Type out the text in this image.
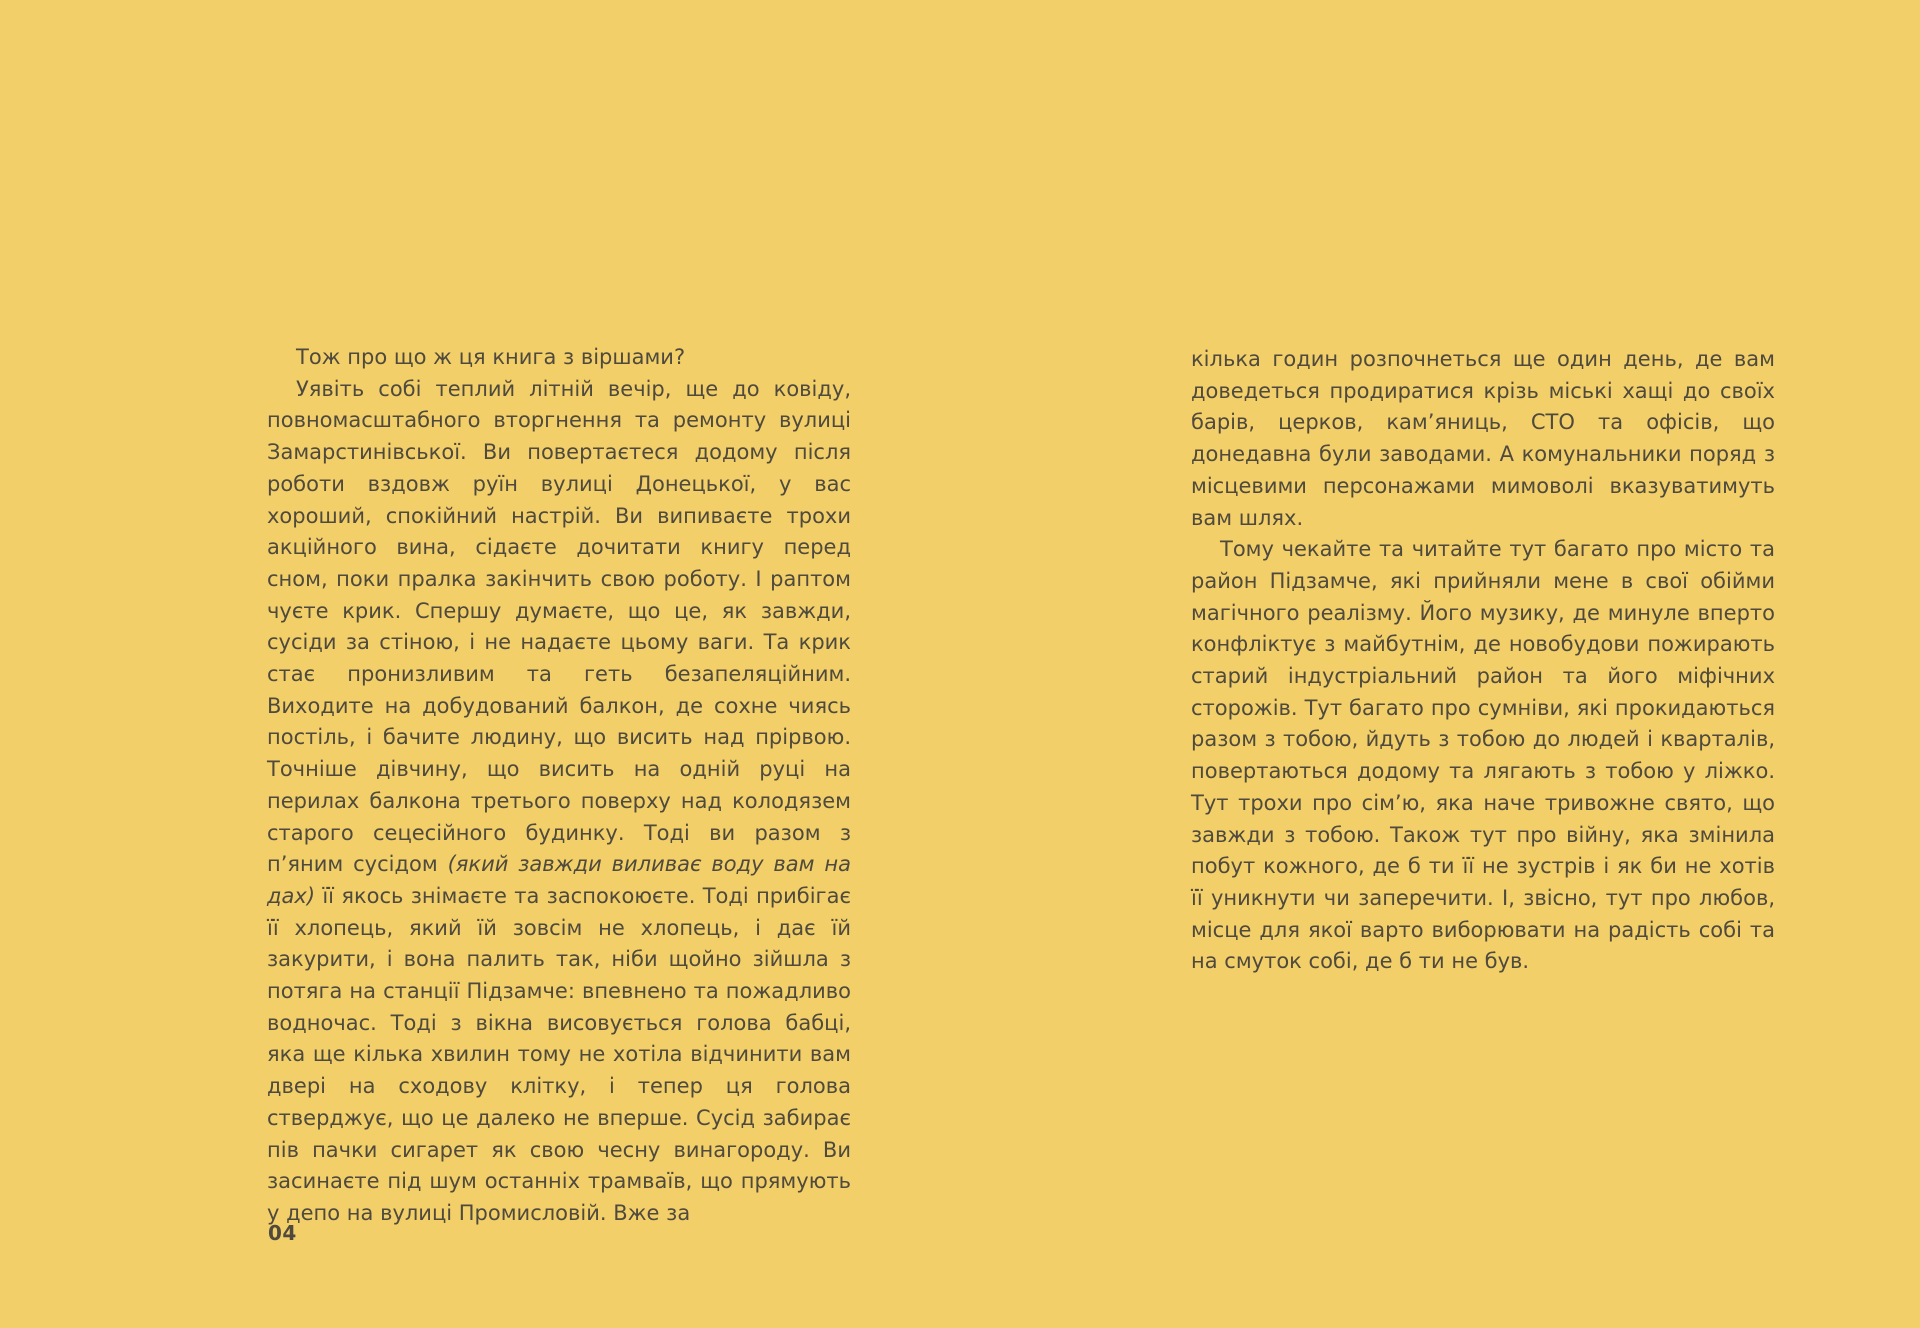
Тож про що ж ця книга з віршами?

Уявіть собі теплий літній вечір, ще до ковіду, повномасштабного вторгнення та ремонту вулиці Замарстинівської. Ви повертаєтеся додому після роботи вздовж руїн вулиці Донецької, у вас хороший, спокійний настрій. Ви випиваєте трохи акційного вина, сідаєте дочитати книгу перед сном, поки пралка закінчить свою роботу. І раптом чуєте крик. Спершу думаєте, що це, як завжди, сусіди за стіною, і не надаєте цьому ваги. Та крик стає пронизливим та геть безапеляційним. Виходите на добудований балкон, де сохне чиясь постіль, і бачите людину, що висить над прірвою. Точніше дівчину, що висить на одній руці на перилах балкона третього поверху над колодязем старого сецесійного будинку. Тоді ви разом з п’яним сусідом (який завжди виливає воду вам на дах) її якось знімаєте та заспокоюєте. Тоді прибігає її хлопець, який їй зовсім не хлопець, і дає їй закурити, і вона палить так, ніби щойно зійшла з потяга на станції Підзамче: впевнено та пожадливо водночас. Тоді з вікна висовується голова бабці, яка ще кілька хвилин тому не хотіла відчинити вам двері на сходову клітку, і тепер ця голова стверджує, що це далеко не вперше. Сусід забирає пів пачки сигарет як свою чесну винагороду. Ви засинаєте під шум останніх трамваїв, що прямують у депо на вулиці Промисловій. Вже за

кілька годин розпочнеться ще один день, де вам доведеться продиратися крізь міські хащі до своїх барів, церков, кам’яниць, СТО та офісів, що донедавна були заводами. А комунальники поряд з місцевими персонажами мимоволі вказуватимуть вам шлях.

Тому чекайте та читайте тут багато про місто та район Підзамче, які прийняли мене в свої обійми магічного реалізму. Його музику, де минуле вперто конфліктує з майбутнім, де новобудови пожирають старий індустріальний район та його міфічних сторожів. Тут багато про сумніви, які прокидаються разом з тобою, йдуть з тобою до людей і кварталів, повертаються додому та лягають з тобою у ліжко. Тут трохи про сім’ю, яка наче тривожне свято, що завжди з тобою. Також тут про війну, яка змінила побут кожного, де б ти її не зустрів і як би не хотів її уникнути чи заперечити. І, звісно, тут про любов, місце для якої варто виборювати на радість собі та на смуток собі, де б ти не був.

04
